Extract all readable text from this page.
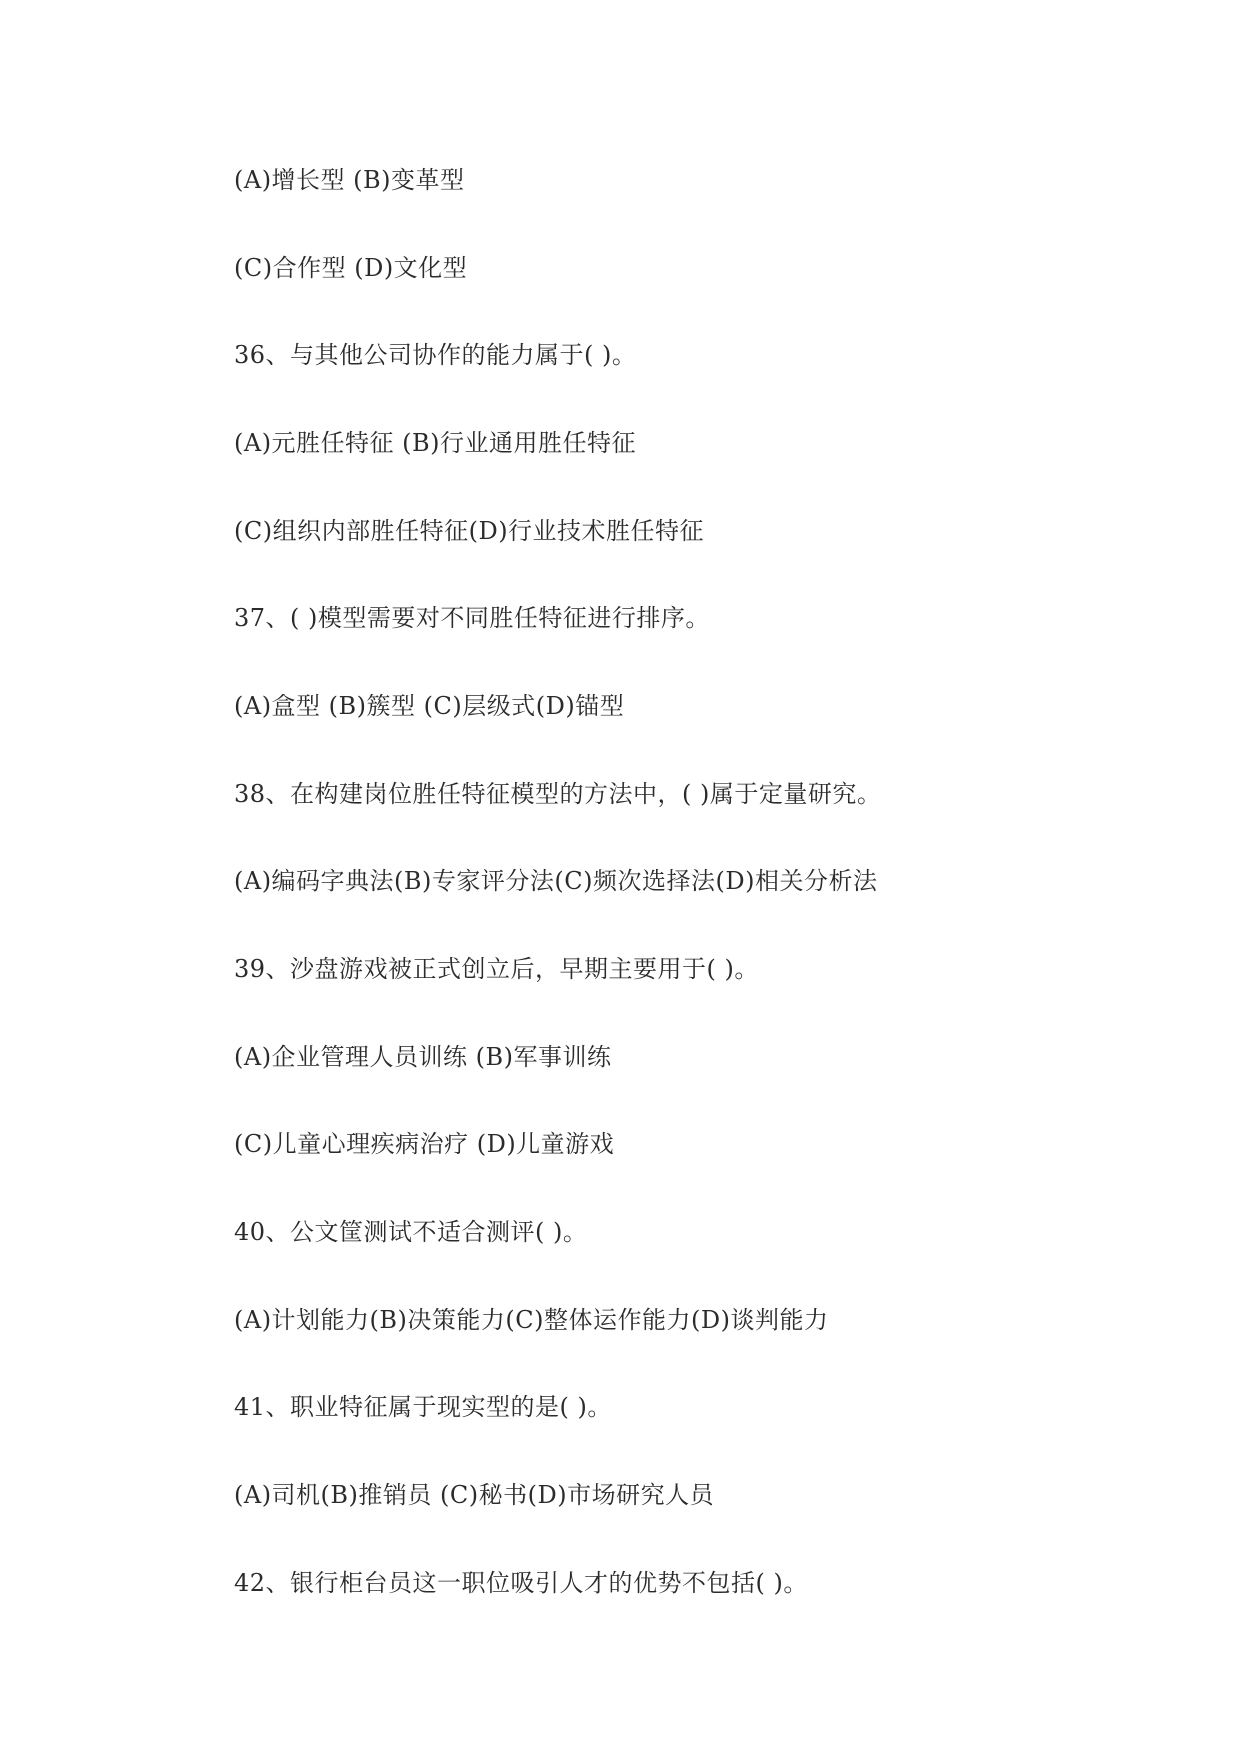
(A)增长型 (B)变革型

(C)合作型 (D)文化型

36、与其他公司协作的能力属于( )。

(A)元胜任特征 (B)行业通用胜任特征

(C)组织内部胜任特征(D)行业技术胜任特征

37、( )模型需要对不同胜任特征进行排序。

(A)盒型 (B)簇型 (C)层级式(D)锚型

38、在构建岗位胜任特征模型的方法中，( )属于定量研究。

(A)编码字典法(B)专家评分法(C)频次选择法(D)相关分析法

39、沙盘游戏被正式创立后，早期主要用于( )。

(A)企业管理人员训练 (B)军事训练

(C)儿童心理疾病治疗 (D)儿童游戏

40、公文筐测试不适合测评( )。

(A)计划能力(B)决策能力(C)整体运作能力(D)谈判能力

41、职业特征属于现实型的是( )。

(A)司机(B)推销员 (C)秘书(D)市场研究人员

42、银行柜台员这一职位吸引人才的优势不包括( )。
